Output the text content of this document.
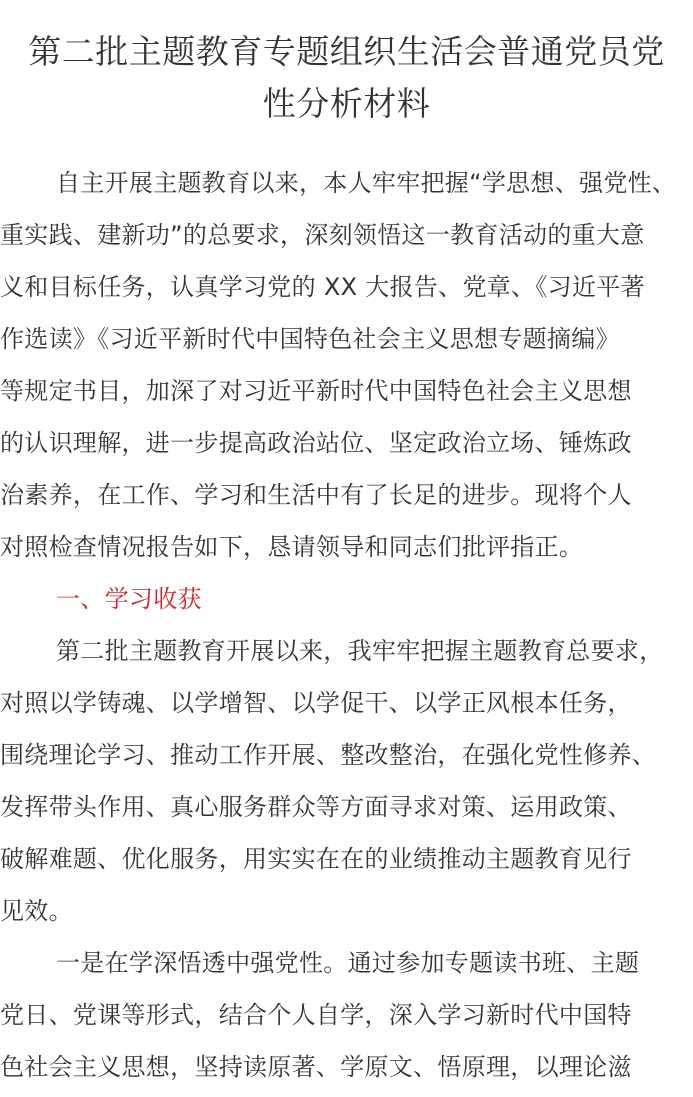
第二批主题教育专题组织生活会普通党员党
性分析材料
自主开展主题教育以来，本人牢牢把握“学思想、强党性、
重实践、建新功”的总要求，深刻领悟这一教育活动的重大意
义和目标任务，认真学习党的 XX 大报告、党章、《习近平著
作选读》《习近平新时代中国特色社会主义思想专题摘编》
等规定书目，加深了对习近平新时代中国特色社会主义思想
的认识理解，进一步提高政治站位、坚定政治立场、锤炼政
治素养，在工作、学习和生活中有了长足的进步。现将个人
对照检查情况报告如下，恳请领导和同志们批评指正。
一、学习收获
第二批主题教育开展以来，我牢牢把握主题教育总要求，
对照以学铸魂、以学增智、以学促干、以学正风根本任务，
围绕理论学习、推动工作开展、整改整治，在强化党性修养、
发挥带头作用、真心服务群众等方面寻求对策、运用政策、
破解难题、优化服务，用实实在在的业绩推动主题教育见行
见效。
一是在学深悟透中强党性。通过参加专题读书班、主题
党日、党课等形式，结合个人自学，深入学习新时代中国特
色社会主义思想，坚持读原著、学原文、悟原理，以理论滋
